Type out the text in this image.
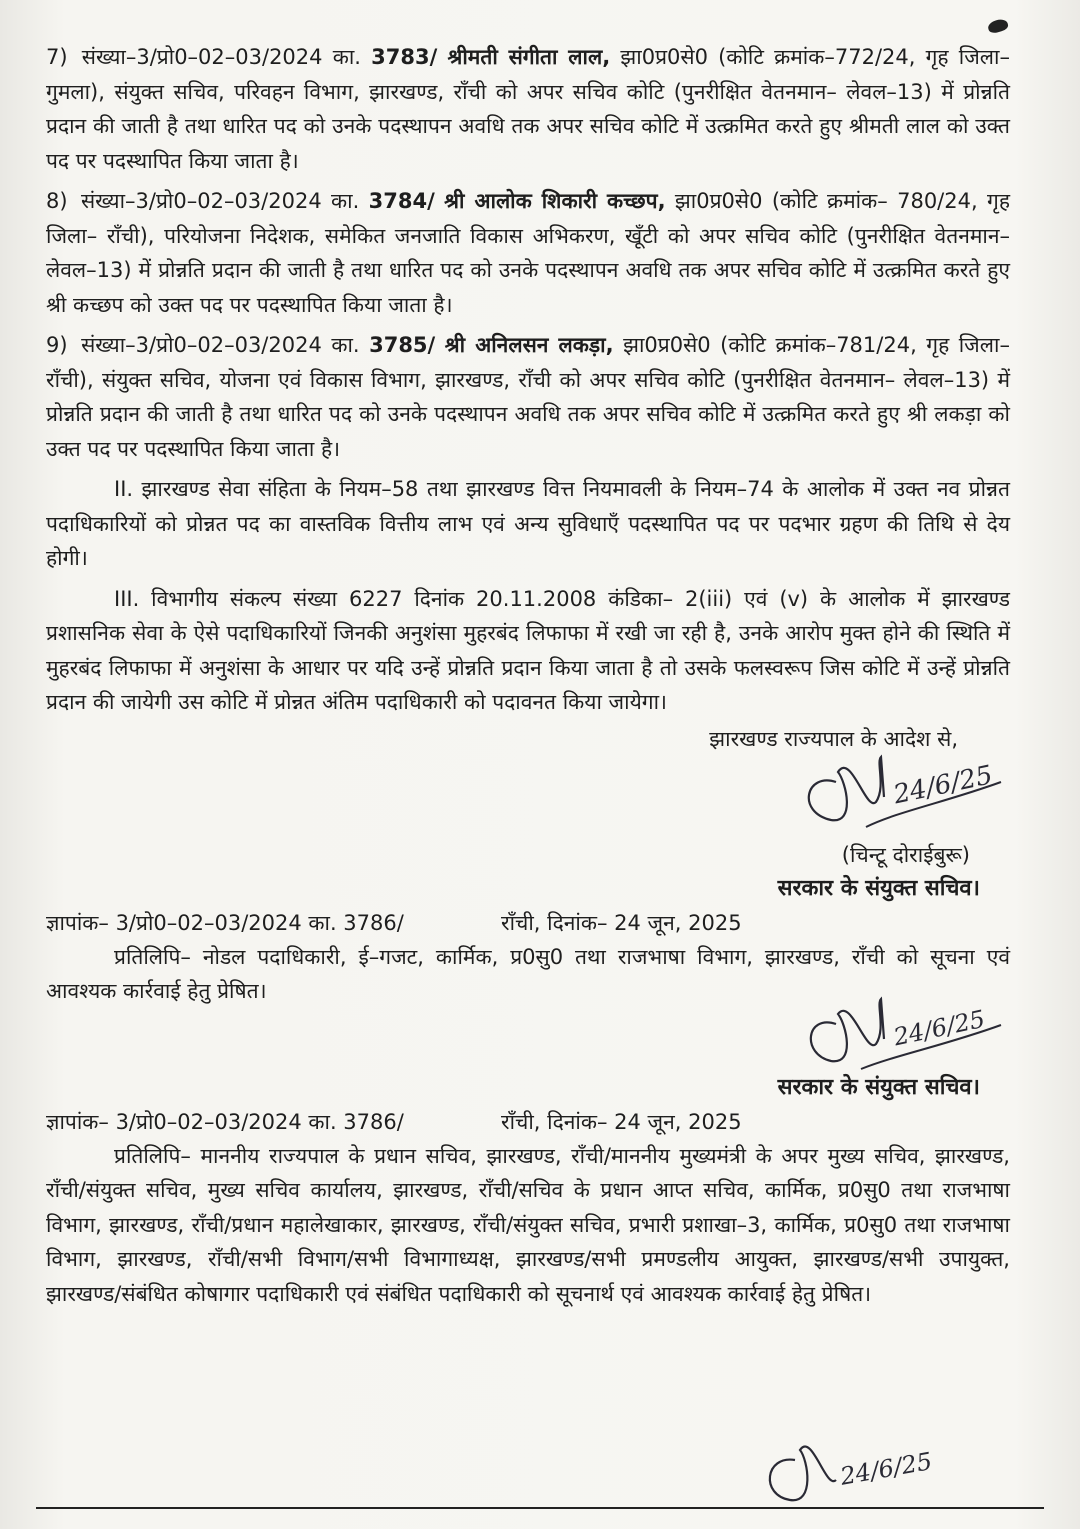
7) संख्या–3/प्रो0–02–03/2024 का. 3783/ श्रीमती संगीता लाल, झा0प्र0से0 (कोटि क्रमांक–772/24, गृह जिला– गुमला), संयुक्त सचिव, परिवहन विभाग, झारखण्ड, राँची को अपर सचिव कोटि (पुनरीक्षित वेतनमान– लेवल–13) में प्रोन्नति प्रदान की जाती है तथा धारित पद को उनके पदस्थापन अवधि तक अपर सचिव कोटि में उत्क्रमित करते हुए श्रीमती लाल को उक्त पद पर पदस्थापित किया जाता है।

8) संख्या–3/प्रो0–02–03/2024 का. 3784/ श्री आलोक शिकारी कच्छप, झा0प्र0से0 (कोटि क्रमांक– 780/24, गृह जिला– राँची), परियोजना निदेशक, समेकित जनजाति विकास अभिकरण, खूँटी को अपर सचिव कोटि (पुनरीक्षित वेतनमान– लेवल–13) में प्रोन्नति प्रदान की जाती है तथा धारित पद को उनके पदस्थापन अवधि तक अपर सचिव कोटि में उत्क्रमित करते हुए श्री कच्छप को उक्त पद पर पदस्थापित किया जाता है।

9) संख्या–3/प्रो0–02–03/2024 का. 3785/ श्री अनिलसन लकड़ा, झा0प्र0से0 (कोटि क्रमांक–781/24, गृह जिला– राँची), संयुक्त सचिव, योजना एवं विकास विभाग, झारखण्ड, राँची को अपर सचिव कोटि (पुनरीक्षित वेतनमान– लेवल–13) में प्रोन्नति प्रदान की जाती है तथा धारित पद को उनके पदस्थापन अवधि तक अपर सचिव कोटि में उत्क्रमित करते हुए श्री लकड़ा को उक्त पद पर पदस्थापित किया जाता है।

II. झारखण्ड सेवा संहिता के नियम–58 तथा झारखण्ड वित्त नियमावली के नियम–74 के आलोक में उक्त नव प्रोन्नत पदाधिकारियों को प्रोन्नत पद का वास्तविक वित्तीय लाभ एवं अन्य सुविधाएँ पदस्थापित पद पर पदभार ग्रहण की तिथि से देय होगी।

III. विभागीय संकल्प संख्या 6227 दिनांक 20.11.2008 कंडिका– 2(iii) एवं (v) के आलोक में झारखण्ड प्रशासनिक सेवा के ऐसे पदाधिकारियों जिनकी अनुशंसा मुहरबंद लिफाफा में रखी जा रही है, उनके आरोप मुक्त होने की स्थिति में मुहरबंद लिफाफा में अनुशंसा के आधार पर यदि उन्हें प्रोन्नति प्रदान किया जाता है तो उसके फलस्वरूप जिस कोटि में उन्हें प्रोन्नति प्रदान की जायेगी उस कोटि में प्रोन्नत अंतिम पदाधिकारी को पदावनत किया जायेगा।

झारखण्ड राज्यपाल के आदेश से,
24/6/25
(चिन्टू दोराईबुरू)
सरकार के संयुक्त सचिव।
ज्ञापांक– 3/प्रो0–02–03/2024 का. 3786/	राँची, दिनांक– 24 जून, 2025

प्रतिलिपि– नोडल पदाधिकारी, ई–गजट, कार्मिक, प्र0सु0 तथा राजभाषा विभाग, झारखण्ड, राँची को सूचना एवं आवश्यक कार्रवाई हेतु प्रेषित।

24/6/25
सरकार के संयुक्त सचिव।
ज्ञापांक– 3/प्रो0–02–03/2024 का. 3786/	राँची, दिनांक– 24 जून, 2025

प्रतिलिपि– माननीय राज्यपाल के प्रधान सचिव, झारखण्ड, राँची/माननीय मुख्यमंत्री के अपर मुख्य सचिव, झारखण्ड, राँची/संयुक्त सचिव, मुख्य सचिव कार्यालय, झारखण्ड, राँची/सचिव के प्रधान आप्त सचिव, कार्मिक, प्र0सु0 तथा राजभाषा विभाग, झारखण्ड, राँची/प्रधान महालेखाकार, झारखण्ड, राँची/संयुक्त सचिव, प्रभारी प्रशाखा–3, कार्मिक, प्र0सु0 तथा राजभाषा विभाग, झारखण्ड, राँची/सभी विभाग/सभी विभागाध्यक्ष, झारखण्ड/सभी प्रमण्डलीय आयुक्त, झारखण्ड/सभी उपायुक्त, झारखण्ड/संबंधित कोषागार पदाधिकारी एवं संबंधित पदाधिकारी को सूचनार्थ एवं आवश्यक कार्रवाई हेतु प्रेषित।

24/6/25
